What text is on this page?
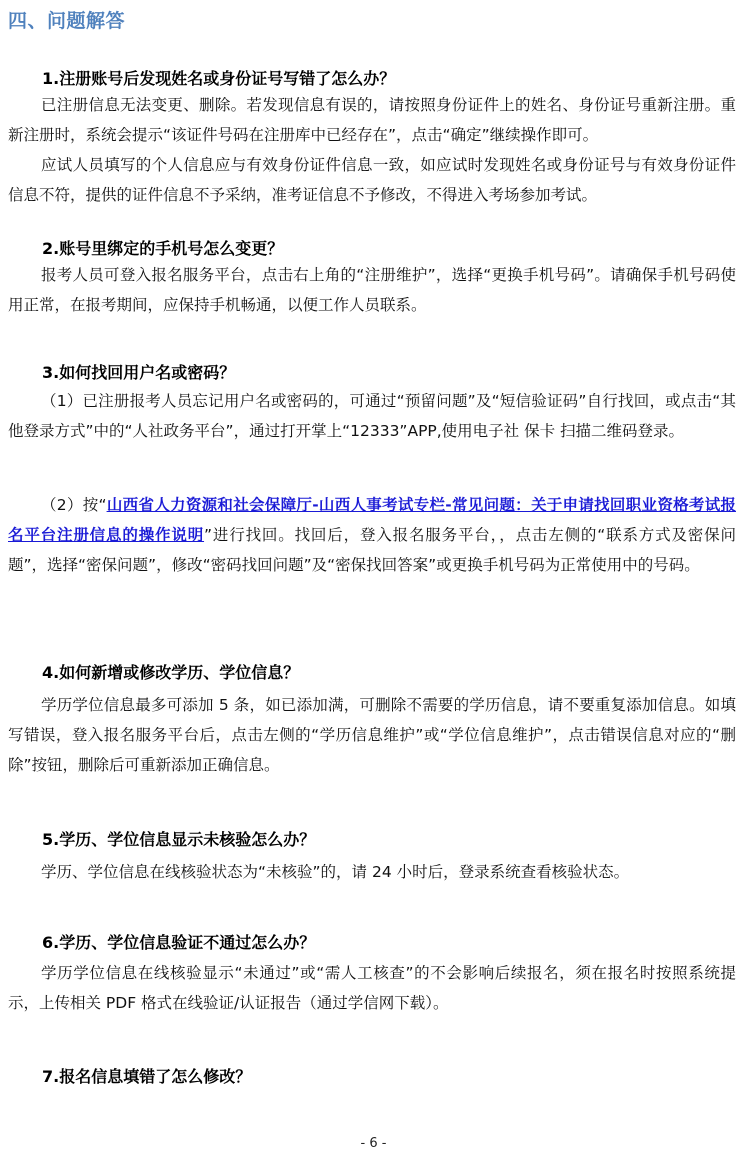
四、问题解答
1.注册账号后发现姓名或身份证号写错了怎么办？
已注册信息无法变更、删除。若发现信息有误的，请按照身份证件上的姓名、身份证号重新注册。重新注册时，系统会提示“该证件号码在注册库中已经存在”，点击“确定”继续操作即可。
应试人员填写的个人信息应与有效身份证件信息一致，如应试时发现姓名或身份证号与有效身份证件信息不符，提供的证件信息不予采纳，准考证信息不予修改，不得进入考场参加考试。
2.账号里绑定的手机号怎么变更？
报考人员可登入报名服务平台，点击右上角的“注册维护”，选择“更换手机号码”。请确保手机号码使用正常，在报考期间，应保持手机畅通，以便工作人员联系。
3.如何找回用户名或密码？
（1）已注册报考人员忘记用户名或密码的，可通过“预留问题”及“短信验证码”自行找回，或点击“其他登录方式”中的“人社政务平台”，通过打开掌上“12333”APP,使用电子社 保卡 扫描二维码登录。
（2）按“山西省人力资源和社会保障厅-山西人事考试专栏-常见问题：关于申请找回职业资格考试报名平台注册信息的操作说明”进行找回。找回后，登入报名服务平台，，点击左侧的“联系方式及密保问题”，选择“密保问题”，修改“密码找回问题”及“密保找回答案”或更换手机号码为正常使用中的号码。
4.如何新增或修改学历、学位信息？
学历学位信息最多可添加 5 条，如已添加满，可删除不需要的学历信息，请不要重复添加信息。如填写错误，登入报名服务平台后，点击左侧的“学历信息维护”或“学位信息维护”，点击错误信息对应的“删除”按钮，删除后可重新添加正确信息。
5.学历、学位信息显示未核验怎么办？
学历、学位信息在线核验状态为“未核验”的，请 24 小时后，登录系统查看核验状态。
6.学历、学位信息验证不通过怎么办？
学历学位信息在线核验显示“未通过”或“需人工核查”的不会影响后续报名，须在报名时按照系统提示，上传相关 PDF 格式在线验证/认证报告（通过学信网下载）。
7.报名信息填错了怎么修改？
- 6 -
